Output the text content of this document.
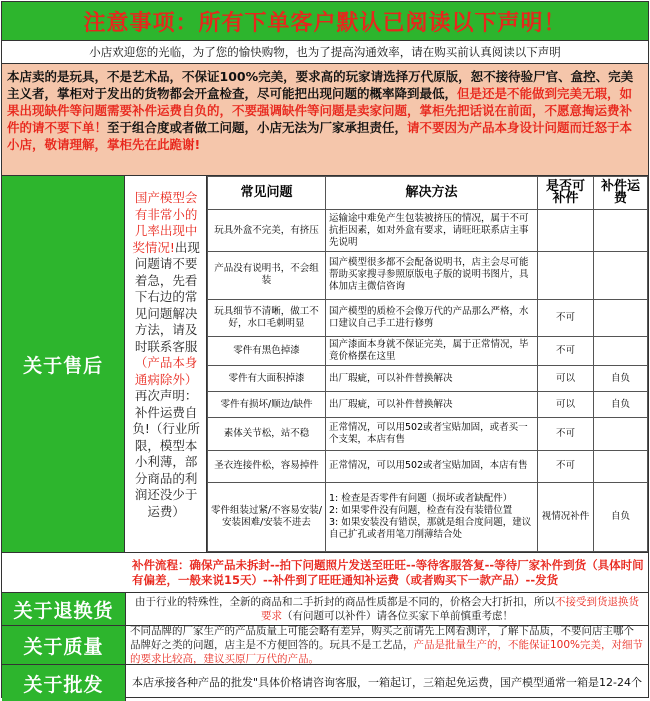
注意事项：所有下单客户默认已阅读以下声明！
小店欢迎您的光临，为了您的愉快购物，也为了提高沟通效率，请在购买前认真阅读以下声明
本店卖的是玩具，不是艺术品，不保证100%完美，要求高的玩家请选择万代原版，恕不接待验尸官、盒控、完美主义者，掌柜对于发出的货物都会开盒检查，尽可能把出现问题的概率降到最低，但是还是不能做到完美无瑕，如果出现缺件等问题需要补件运费自负的，不要强调缺件等问题是卖家问题，掌柜先把话说在前面，不愿意掏运费补件的请不要下单！至于组合度或者做工问题，小店无法为厂家承担责任，请不要因为产品本身设计问题而迁怒于本小店，敬请理解，掌柜先在此跪谢!
关于售后
国产模型会有非常小的几率出现中奖情况!出现问题请不要着急，先看下右边的常见问题解决方法，请及时联系客服（产品本身通病除外）再次声明：补件运费自负!（行业所限，模型本小利薄，部分商品的利润还没少于运费）
常见问题	解决方法	是否可补件	补件运费
玩具外盒不完美，有挤压	运输途中难免产生包装被挤压的情况，属于不可抗拒因素，如对外盒有要求，请旺旺联系店主事先说明		
产品没有说明书，不会组装	国产模型很多都不会配备说明书，店主会尽可能帮助买家搜寻参照原版电子版的说明书图片，具体加店主微信咨询		
玩具细节不清晰，做工不好，水口毛刺明显	国产模型的质检不会像万代的产品那么严格，水口建议自己手工进行修剪	不可	
零件有黑色掉漆	国产漆面本身就不保证完美，属于正常情况，毕竟价格摆在这里	不可	
零件有大面积掉漆	出厂瑕疵，可以补件替换解决	可以	自负
零件有损坏/顺边/缺件	出厂瑕疵，可以补件替换解决	可以	自负
素体关节松，站不稳	正常情况，可以用502或者宝贴加固，或者买一个支架，本店有售	不可	
圣衣连接件松，容易掉件	正常情况，可以用502或者宝贴加固，本店有售	不可	
零件组装过紧/不容易安装/安装困难/安装不进去	1: 检查是否零件有问题（损坏或者缺配件）
2: 如果零件没有问题，检查有没有装错位置
3: 如果安装没有错误，那就是组合度问题，建议自己扩孔或者用笔刀削薄结合处	视情况补件	自负
补件流程：确保产品未拆封--拍下问题照片发送至旺旺--等待客服答复--等待厂家补件到货（具体时间有偏差，一般来说15天）--补件到了旺旺通知补运费（或者购买下一款产品）--发货
关于退换货	由于行业的特殊性，全新的商品和二手折封的商品性质都是不同的，价格会大打折扣，所以不接受到货退换货要求（有问题可以补件）请各位买家下单前慎重考虑！
关于质量
不同品牌的厂家生产的产品质量上可能会略有差异，购买之前请先上网看测评，了解下品质，不要问店主哪个品牌好之类的问题，店主是不方便回答的。玩具不是工艺品，产品是批量生产的，不能保证100%完美，对细节的要求比较高，建议买原厂万代的产品。
关于批发	本店承接各种产品的批发"具体价格请咨询客服，一箱起订，三箱起免运费，国产模型通常一箱是12-24个
